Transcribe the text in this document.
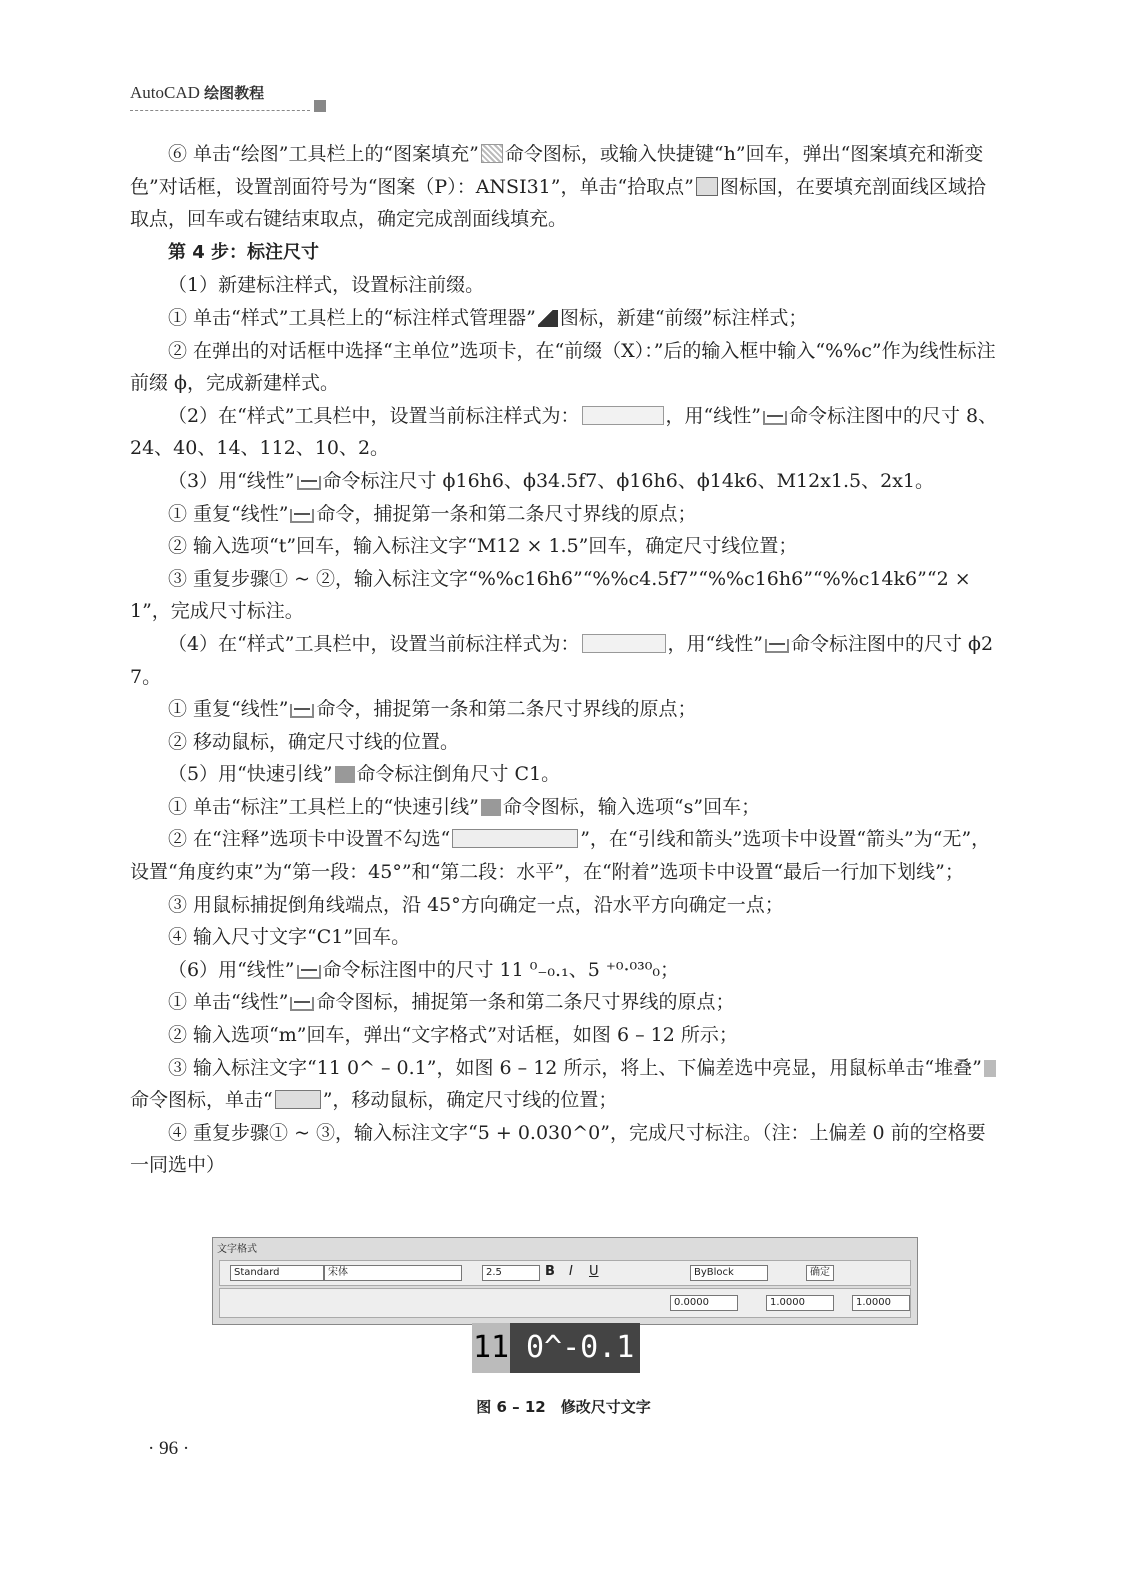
AutoCAD 绘图教程

⑥ 单击“绘图”工具栏上的“图案填充” 命令图标，或输入快捷键“h”回车，弹出“图案填充和渐变色”对话框，设置剖面符号为“图案（P）：ANSI31”，单击“拾取点” 图标国，在要填充剖面线区域拾取点，回车或右键结束取点，确定完成剖面线填充。

第 4 步：标注尺寸

（1）新建标注样式，设置标注前缀。

① 单击“样式”工具栏上的“标注样式管理器” 图标，新建“前缀”标注样式；

② 在弹出的对话框中选择“主单位”选项卡，在“前缀（X）：”后的输入框中输入“%%c”作为线性标注前缀 ϕ，完成新建样式。

（2）在“样式”工具栏中，设置当前标注样式为：	，用“线性” 命令标注图中的尺寸 8、24、40、14、112、10、2。

（3）用“线性” 命令标注尺寸 ϕ16h6、ϕ34.5f7、ϕ16h6、ϕ14k6、M12x1.5、2x1。

① 重复“线性” 命令，捕捉第一条和第二条尺寸界线的原点；

② 输入选项“t”回车，输入标注文字“M12 × 1.5”回车，确定尺寸线位置；

③ 重复步骤① ~ ②，输入标注文字“%%c16h6”“%%c4.5f7”“%%c16h6”“%%c14k6”“2 × 1”，完成尺寸标注。

（4）在“样式”工具栏中，设置当前标注样式为：	，用“线性” 命令标注图中的尺寸 ϕ27。

① 重复“线性” 命令，捕捉第一条和第二条尺寸界线的原点；

② 移动鼠标，确定尺寸线的位置。

（5）用“快速引线” 命令标注倒角尺寸 C1。

① 单击“标注”工具栏上的“快速引线” 命令图标，输入选项“s”回车；

② 在“注释”选项卡中设置不勾选“	”，在“引线和箭头”选项卡中设置“箭头”为“无”，设置“角度约束”为“第一段：45°”和“第二段：水平”，在“附着”选项卡中设置“最后一行加下划线”；

③ 用鼠标捕捉倒角线端点，沿 45°方向确定一点，沿水平方向确定一点；

④ 输入尺寸文字“C1”回车。

（6）用“线性” 命令标注图中的尺寸 11 ⁰₋₀.₁、5 ⁺⁰·⁰³⁰₀；

① 单击“线性” 命令图标，捕捉第一条和第二条尺寸界线的原点；

② 输入选项“m”回车，弹出“文字格式”对话框，如图 6 – 12 所示；

③ 输入标注文字“11 0^ – 0.1”，如图 6 – 12 所示，将上、下偏差选中亮显，用鼠标单击“堆叠”命令图标，单击“	”，移动鼠标，确定尺寸线的位置；

④ 重复步骤① ~ ③，输入标注文字“5 + 0.030^0”，完成尺寸标注。（注：上偏差 0 前的空格要一同选中）

文字格式
Standard	宋体	2.5	B I U	ByBlock	确定
0.0000	1.0000	1.0000
11 0^-0.1
图 6 – 12　修改尺寸文字
· 96 ·
